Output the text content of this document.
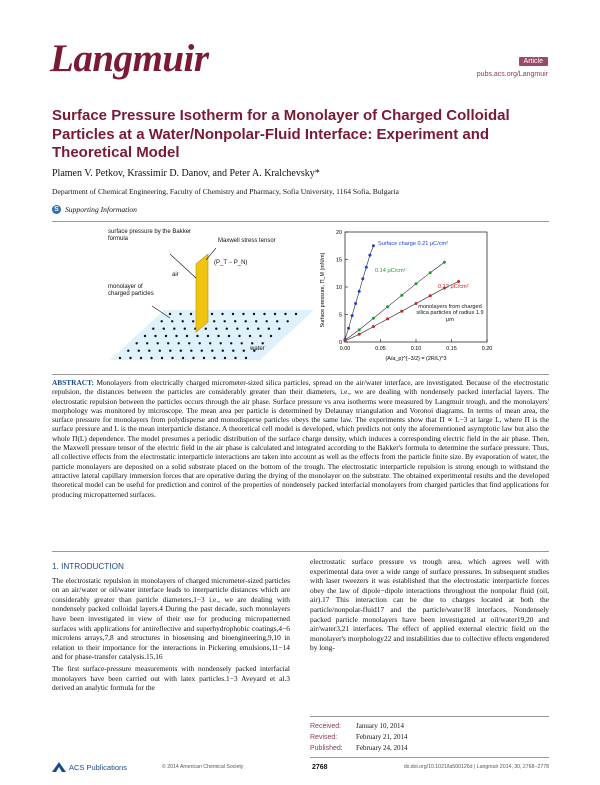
Langmuir	Article
pubs.acs.org/Langmuir
Surface Pressure Isotherm for a Monolayer of Charged Colloidal Particles at a Water/Nonpolar-Fluid Interface: Experiment and Theoretical Model
Plamen V. Petkov, Krassimir D. Danov, and Peter A. Kralchevsky*
Department of Chemical Engineering, Faculty of Chemistry and Pharmacy, Sofia University, 1164 Sofia, Bulgaria
S Supporting Information
surface pressure by the Bakker formula	Maxwell stress tensor
(P_T − P_N)
air
monolayer of charged particles
water
0
5
10
15
20
0.00	0.05	0.10	0.15	0.20
Surface pressure, Π_M (mN/m)
(A/a_p)^{−3/2} = (2R/L)^3
Surface charge 0.21 μC/cm²
0.14 μC/cm²
0.12 μC/cm²
monolayers from charged silica particles of radius 1.9 μm
ABSTRACT: Monolayers from electrically charged micrometer-sized silica particles, spread on the air/water interface, are investigated. Because of the electrostatic repulsion, the distances between the particles are considerably greater than their diameters, i.e., we are dealing with nondensely packed interfacial layers. The electrostatic repulsion between the particles occurs through the air phase. Surface pressure vs area isotherms were measured by Langmuir trough, and the monolayers' morphology was monitored by microscope. The mean area per particle is determined by Delaunay triangulation and Voronoi diagrams. In terms of mean area, the surface pressure for monolayers from polydisperse and monodisperse particles obeys the same law. The experiments show that Π ∝ L−3 at large L, where Π is the surface pressure and L is the mean interparticle distance. A theoretical cell model is developed, which predicts not only the aforementioned asymptotic law but also the whole Π(L) dependence. The model presumes a periodic distribution of the surface charge density, which induces a corresponding electric field in the air phase. Then, the Maxwell pressure tensor of the electric field in the air phase is calculated and integrated according to the Bakker's formula to determine the surface pressure. Thus, all collective effects from the electrostatic interparticle interactions are taken into account as well as the effects from the particle finite size. By evaporation of water, the particle monolayers are deposited on a solid substrate placed on the bottom of the trough. The electrostatic interparticle repulsion is strong enough to withstand the attractive lateral capillary immersion forces that are operative during the drying of the monolayer on the substrate. The obtained experimental results and the developed theoretical model can be useful for prediction and control of the properties of nondensely packed interfacial monolayers from charged particles that find applications for producing micropatterned surfaces.
1. INTRODUCTION

The electrostatic repulsion in monolayers of charged micrometer-sized particles on an air/water or oil/water interface leads to interparticle distances which are considerably greater than particle diameters,1−3 i.e., we are dealing with nondensely packed colloidal layers.4 During the past decade, such monolayers have been investigated in view of their use for producing micropatterned surfaces with applications for antireflective and superhydrophobic coatings,4−6 microlens arrays,7,8 and structures in biosensing and bioengineering,9,10 in relation to their importance for the interactions in Pickering emulsions,11−14 and for phase-transfer catalysis.15,16

The first surface-pressure measurements with nondensely packed interfacial monolayers have been carried out with latex particles.1−3 Aveyard et al.3 derived an analytic formula for the

electrostatic surface pressure vs trough area, which agrees well with experimental data over a wide range of surface pressures. In subsequent studies with laser tweezers it was established that the electrostatic interparticle forces obey the law of dipole−dipole interactions throughout the nonpolar fluid (oil, air).17 This interaction can be due to charges located at both the particle/nonpolar-fluid17 and the particle/water18 interfaces. Nondensely packed particle monolayers have been investigated at oil/water19,20 and air/water3,21 interfaces. The effect of applied external electric field on the monolayer's morphology22 and instabilities due to collective effects engendered by long-

Received: January 10, 2014
Revised:	February 21, 2014
Published: February 24, 2014
ACS Publications	© 2014 American Chemical Society	2768	dx.doi.org/10.1021/la500126d | Langmuir 2014, 30, 2768−2778
